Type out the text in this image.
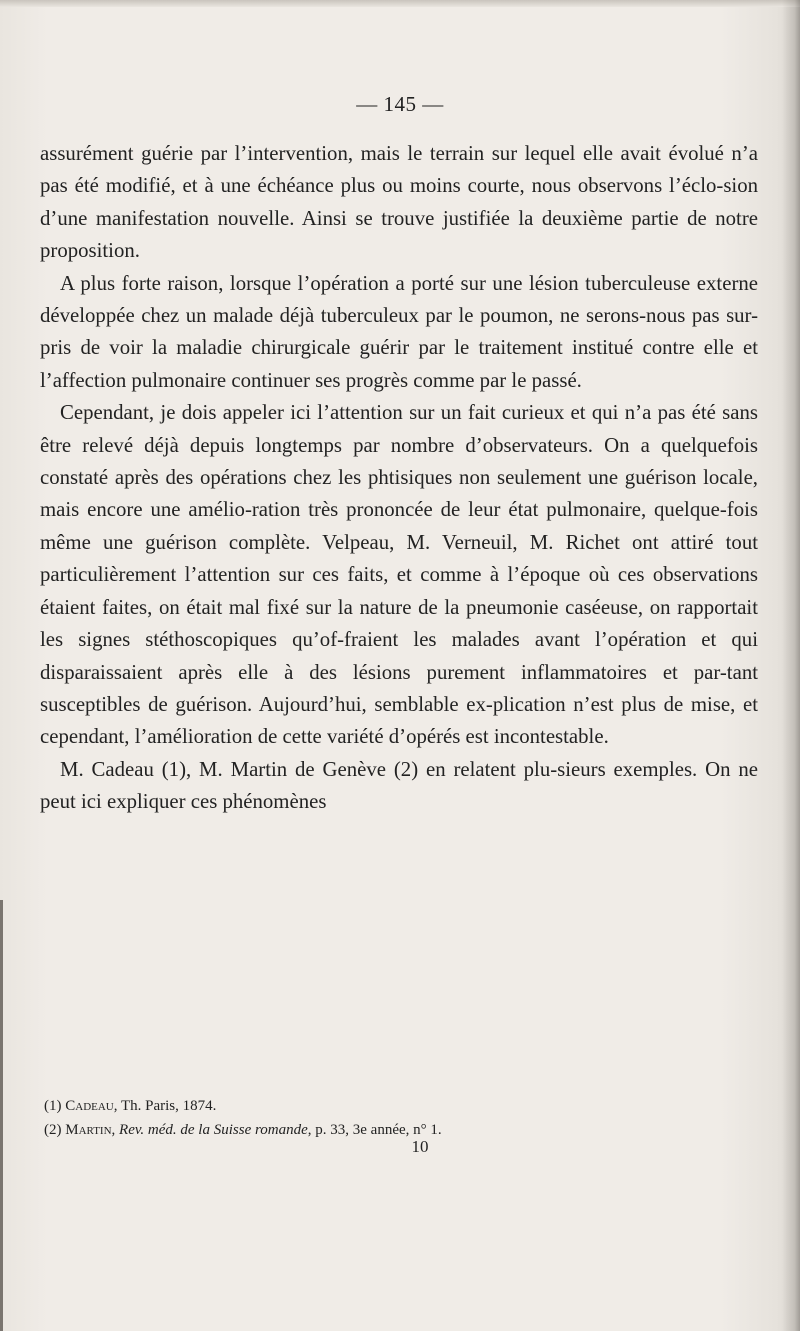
— 145 —

assurément guérie par l’intervention, mais le terrain sur lequel elle avait évolué n’a pas été modifié, et à une échéance plus ou moins courte, nous observons l’éclo-sion d’une manifestation nouvelle. Ainsi se trouve justifiée la deuxième partie de notre proposition.

A plus forte raison, lorsque l’opération a porté sur une lésion tuberculeuse externe développée chez un malade déjà tuberculeux par le poumon, ne serons-nous pas sur-pris de voir la maladie chirurgicale guérir par le traitement institué contre elle et l’affection pulmonaire continuer ses progrès comme par le passé.

Cependant, je dois appeler ici l’attention sur un fait curieux et qui n’a pas été sans être relevé déjà depuis longtemps par nombre d’observateurs. On a quelquefois constaté après des opérations chez les phtisiques non seulement une guérison locale, mais encore une amélio-ration très prononcée de leur état pulmonaire, quelque-fois même une guérison complète. Velpeau, M. Verneuil, M. Richet ont attiré tout particulièrement l’attention sur ces faits, et comme à l’époque où ces observations étaient faites, on était mal fixé sur la nature de la pneumonie caséeuse, on rapportait les signes stéthoscopiques qu’of-fraient les malades avant l’opération et qui disparaissaient après elle à des lésions purement inflammatoires et par-tant susceptibles de guérison. Aujourd’hui, semblable ex-plication n’est plus de mise, et cependant, l’amélioration de cette variété d’opérés est incontestable.

M. Cadeau (1), M. Martin de Genève (2) en relatent plu-sieurs exemples. On ne peut ici expliquer ces phénomènes

(1) Cadeau, Th. Paris, 1874.
(2) Martin, Rev. méd. de la Suisse romande, p. 33, 3e année, n° 1.
10
